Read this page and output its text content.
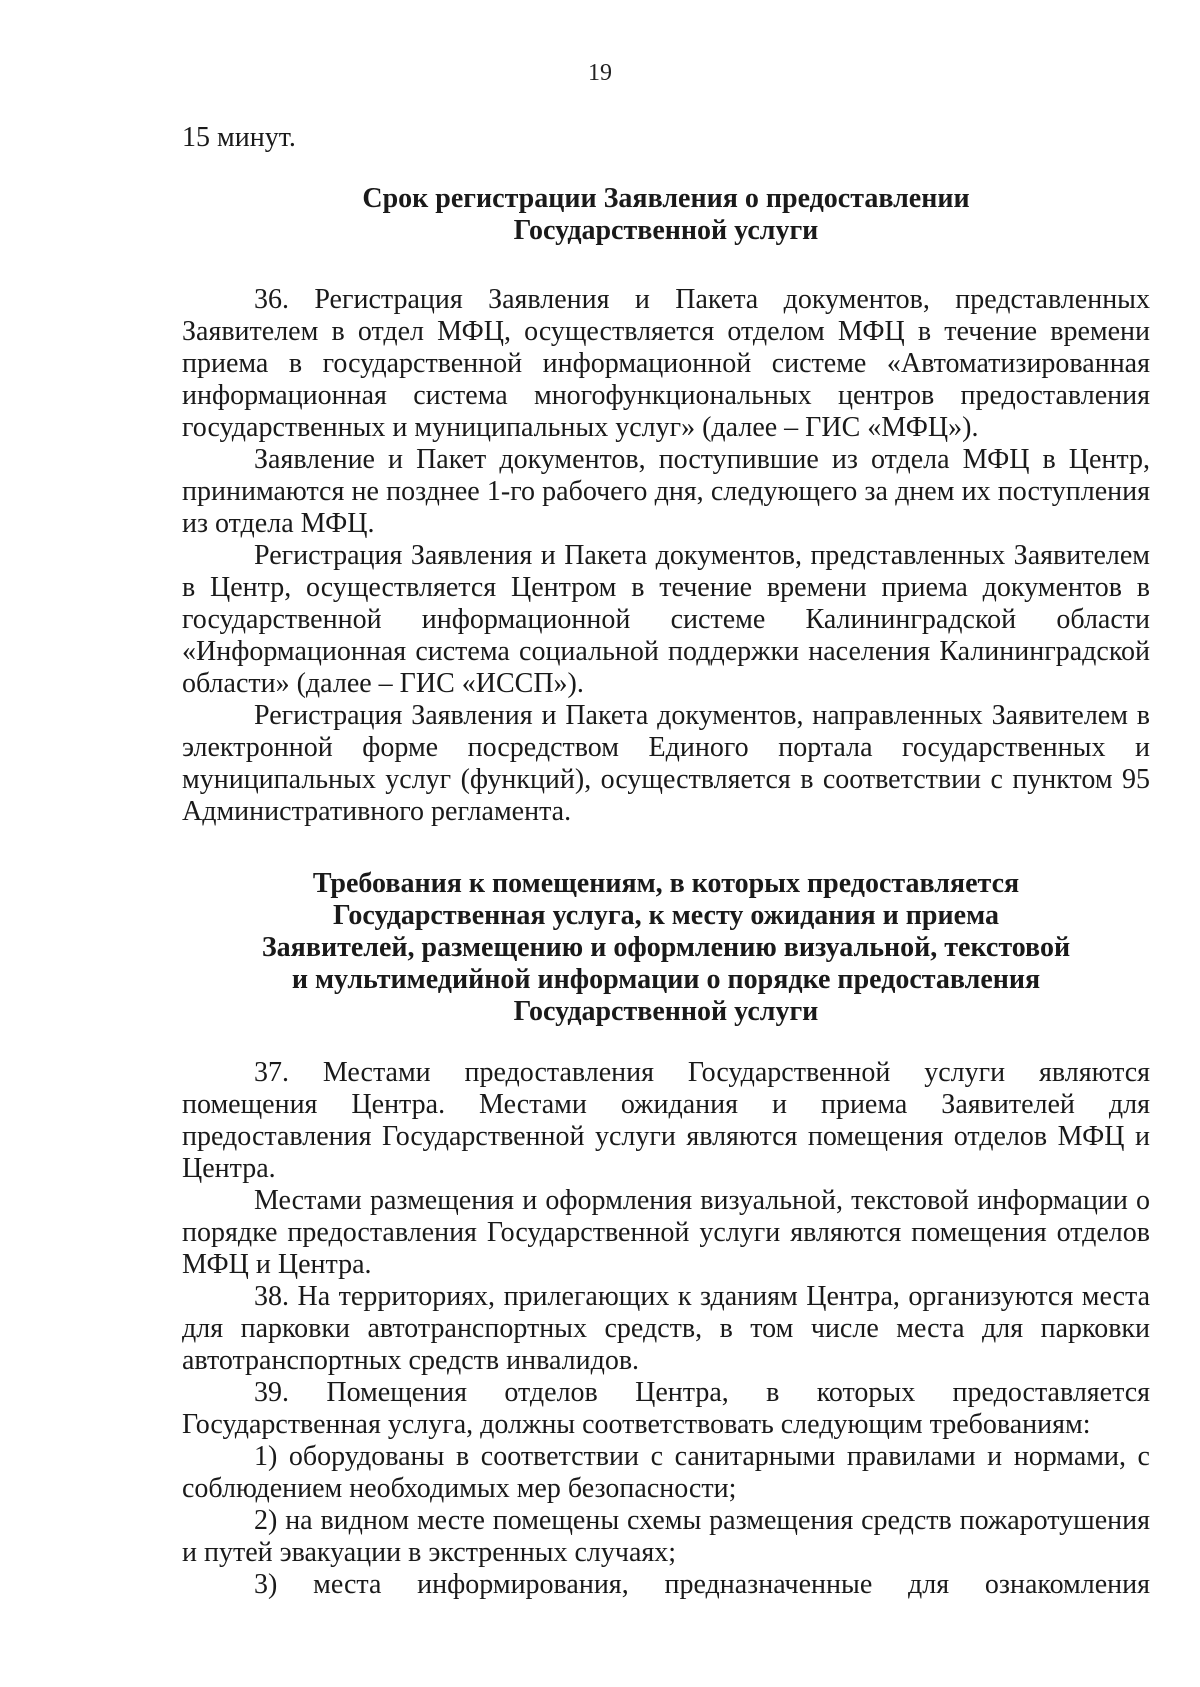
19

15 минут.

Срок регистрации Заявления о предоставлении
Государственной услуги

36. Регистрация Заявления и Пакета документов, представленных Заявителем в отдел МФЦ, осуществляется отделом МФЦ в течение времени приема в государственной информационной системе «Автоматизированная информационная система многофункциональных центров предоставления государственных и муниципальных услуг» (далее – ГИС «МФЦ»).

Заявление и Пакет документов, поступившие из отдела МФЦ в Центр, принимаются не позднее 1-го рабочего дня, следующего за днем их поступления из отдела МФЦ.

Регистрация Заявления и Пакета документов, представленных Заявителем в Центр, осуществляется Центром в течение времени приема документов в государственной информационной системе Калининградской области «Информационная система социальной поддержки населения Калининградской области» (далее – ГИС «ИССП»).

Регистрация Заявления и Пакета документов, направленных Заявителем в электронной форме посредством Единого портала государственных и муниципальных услуг (функций), осуществляется в соответствии с пунктом 95 Административного регламента.

Требования к помещениям, в которых предоставляется
Государственная услуга, к месту ожидания и приема
Заявителей, размещению и оформлению визуальной, текстовой
и мультимедийной информации о порядке предоставления
Государственной услуги

37. Местами предоставления Государственной услуги являются помещения Центра. Местами ожидания и приема Заявителей для предоставления Государственной услуги являются помещения отделов МФЦ и Центра.

Местами размещения и оформления визуальной, текстовой информации о порядке предоставления Государственной услуги являются помещения отделов МФЦ и Центра.

38. На территориях, прилегающих к зданиям Центра, организуются места для парковки автотранспортных средств, в том числе места для парковки автотранспортных средств инвалидов.

39. Помещения отделов Центра, в которых предоставляется Государственная услуга, должны соответствовать следующим требованиям:

1) оборудованы в соответствии с санитарными правилами и нормами, с соблюдением необходимых мер безопасности;

2) на видном месте помещены схемы размещения средств пожаротушения и путей эвакуации в экстренных случаях;

3) места информирования, предназначенные для ознакомления
